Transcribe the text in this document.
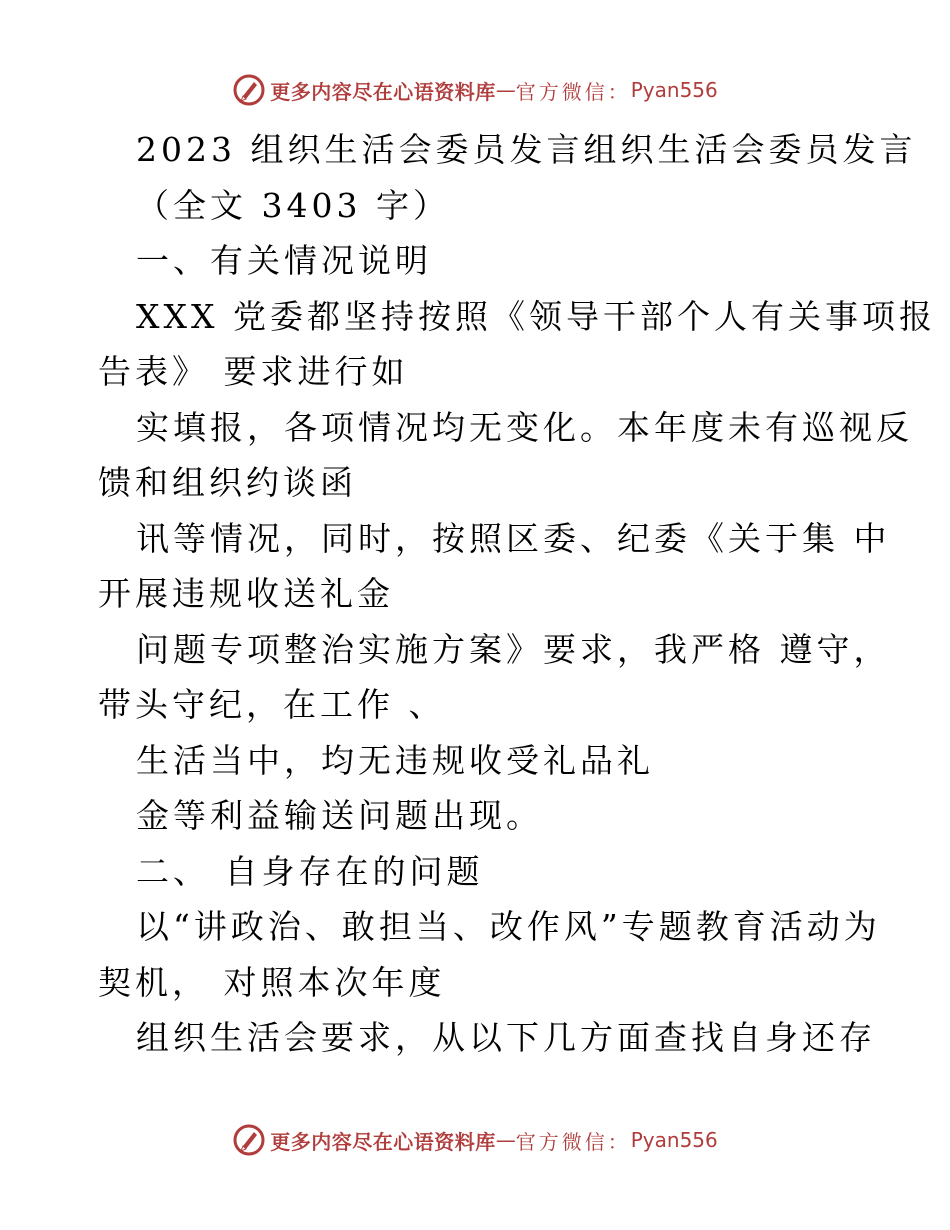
更多内容尽在心语资料库 — 官方微信： Pyan556
2023 组织生活会委员发言组织生活会委员发言
（全文 3403 字）
一、有关情况说明
XXX 党委都坚持按照《领导干部个人有关事项报
告表》 要求进行如
实填报，各项情况均无变化。本年度未有巡视反
馈和组织约谈函
讯等情况，同时，按照区委、纪委《关于集 中
开展违规收送礼金
问题专项整治实施方案》要求，我严格 遵守，
带头守纪，在工作 、
生活当中，均无违规收受礼品礼
金等利益输送问题出现。
二、 自身存在的问题
以“讲政治、敢担当、改作风”专题教育活动为
契机， 对照本次年度
组织生活会要求，从以下几方面查找自身还存
更多内容尽在心语资料库 — 官方微信： Pyan556
